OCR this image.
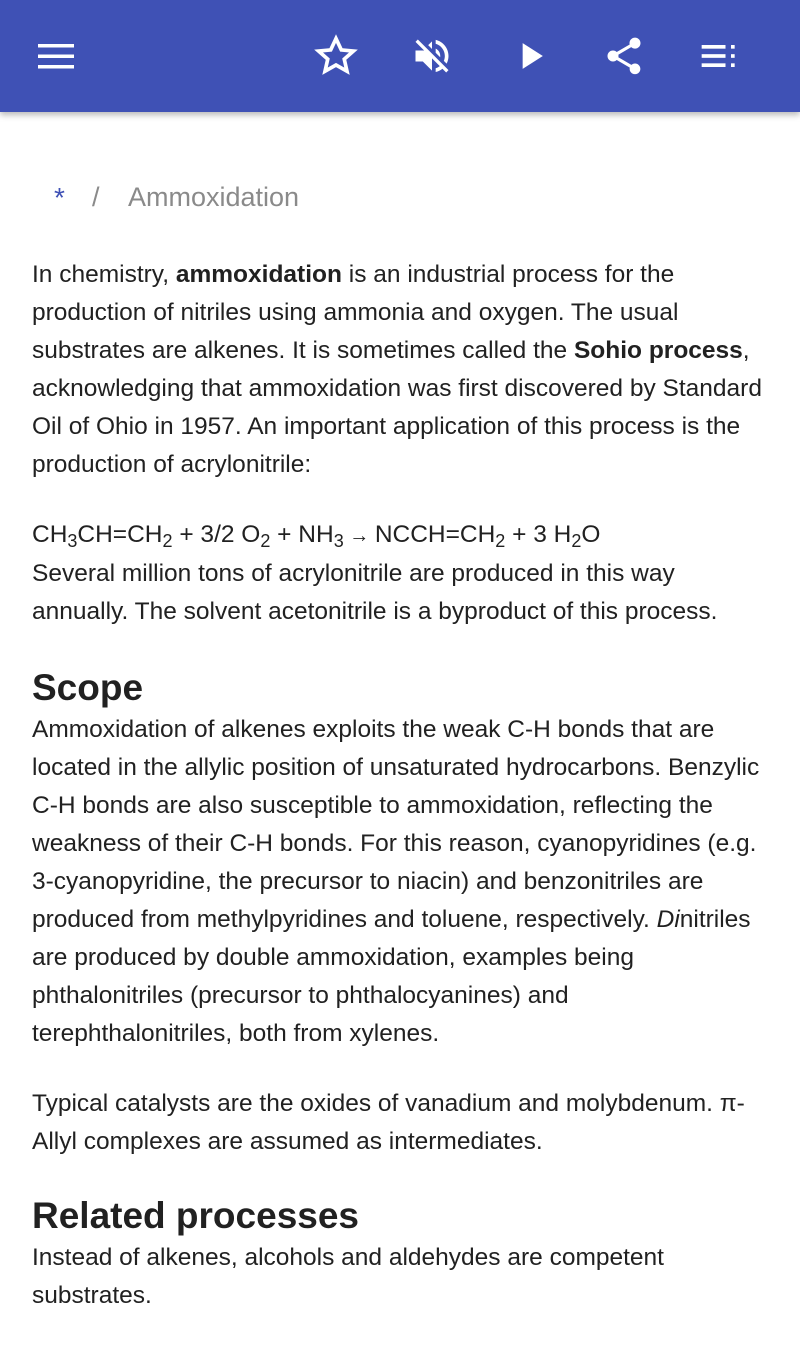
* / Ammoxidation

In chemistry, ammoxidation is an industrial process for the production of nitriles using ammonia and oxygen. The usual substrates are alkenes. It is sometimes called the Sohio process, acknowledging that ammoxidation was first discovered by Standard Oil of Ohio in 1957. An important application of this process is the production of acrylonitrile:

$CH_3CH=CH_2 + 3/2$ $O_2 + NH_3$ → $NCCH=CH_2 + 3$ $H_2O$
Several million tons of acrylonitrile are produced in this way annually. The solvent acetonitrile is a byproduct of this process.

Scope

Ammoxidation of alkenes exploits the weak C-H bonds that are located in the allylic position of unsaturated hydrocarbons. Benzylic C-H bonds are also susceptible to ammoxidation, reflecting the weakness of their C-H bonds. For this reason, cyanopyridines (e.g. 3-cyanopyridine, the precursor to niacin) and benzonitriles are produced from methylpyridines and toluene, respectively. Dinitriles are produced by double ammoxidation, examples being phthalonitriles (precursor to phthalocyanines) and terephthalonitriles, both from xylenes.

Typical catalysts are the oxides of vanadium and molybdenum. π-Allyl complexes are assumed as intermediates.

Related processes

Instead of alkenes, alcohols and aldehydes are competent substrates.
